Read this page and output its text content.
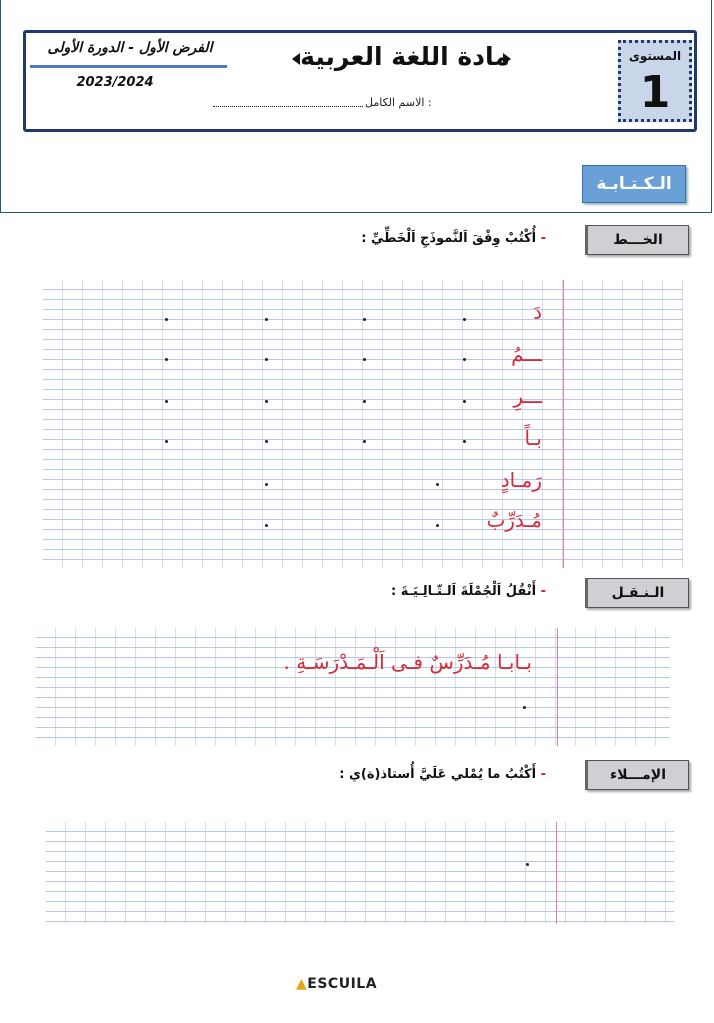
المستوى
1
مادة اللغة العربية
الفرض الأول - الدورة الأولى
2023/2024
الاسم الكامل :
الـكـتـابـة
الخـــط
- أُكْتُبْ وِفْقَ اَلنَّموذَجِ اَلْخَطِّيِّ :
دَ
ـــمُ
ـــرِ
بـاً
رَمـادٍ
مُـدَرِّبٌ
الـنـقـل
- أَنْقُلُ اَلْجُمْلَةَ اَلـتّـالِـيَـةَ :
بـابـا مُـدَرِّسٌ فـى اَلْـمَـدْرَسَـةِ .
الإمـــلاء
- أَكْتُبُ ما يُمْلي عَلَيَّ أُستاذ(ة)ي :
▲ESCUILA
